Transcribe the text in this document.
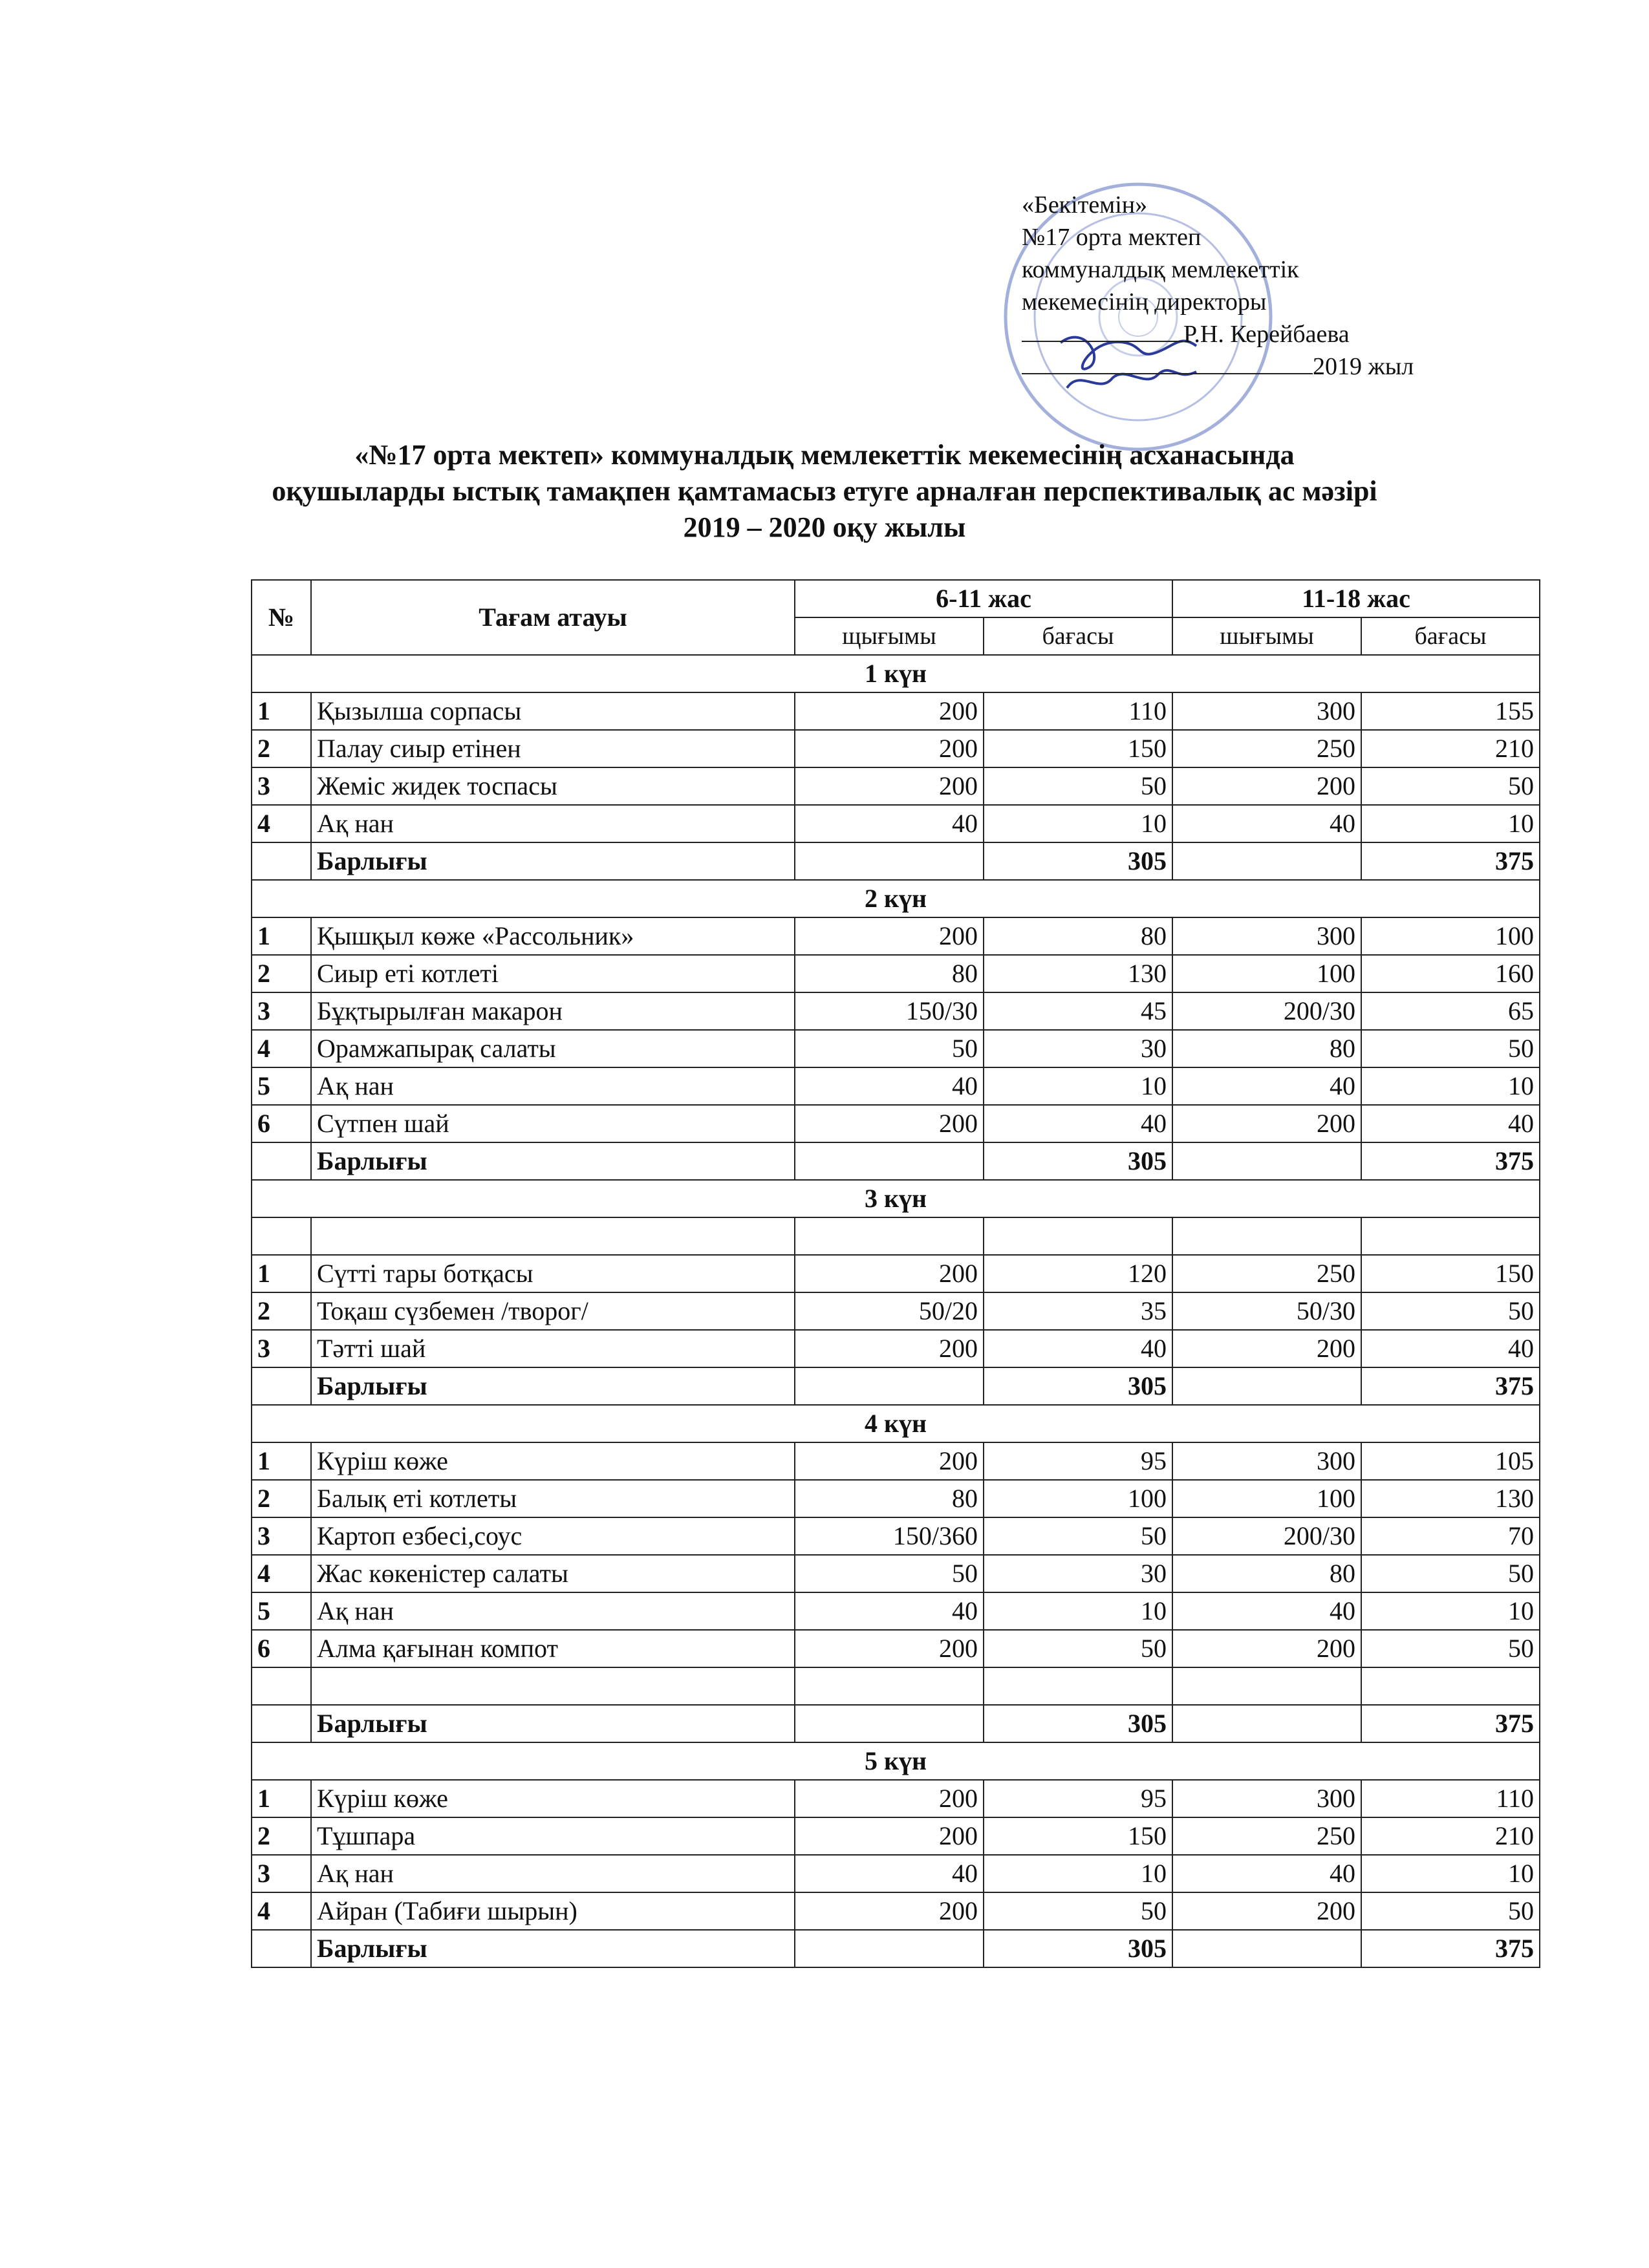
«Бекітемін»
№17 орта мектеп
коммуналдық мемлекеттік
мекемесінің директоры
Р.Н. Керейбаева
2019 жыл
«№17 орта мектеп» коммуналдық мемлекеттік мекемесінің асханасында
оқушыларды ыстық тамақпен қамтамасыз етуге арналған перспективалық ас мәзірі
2019 – 2020 оқу жылы
№	Тағам атауы	6-11 жас		11-18 жас	
		щығымы	бағасы	шығымы	бағасы
1 күн					
1	Қызылша сорпасы	200	110	300	155
2	Палау сиыр етінен	200	150	250	210
3	Жеміс жидек тоспасы	200	50	200	50
4	Ақ нан	40	10	40	10
	Барлығы		305		375
2 күн					
1	Қышқыл көже «Рассольник»	200	80	300	100
2	Сиыр еті котлеті	80	130	100	160
3	Бұқтырылған макарон	150/30	45	200/30	65
4	Орамжапырақ салаты	50	30	80	50
5	Ақ нан	40	10	40	10
6	Сүтпен шай	200	40	200	40
	Барлығы		305		375
3 күн					

1	Сүтті тары ботқасы	200	120	250	150
2	Тоқаш сүзбемен /творог/	50/20	35	50/30	50
3	Тәтті шай	200	40	200	40
	Барлығы		305		375
4 күн					
1	Күріш көже	200	95	300	105
2	Балық еті котлеты	80	100	100	130
3	Картоп езбесі,соус	150/360	50	200/30	70
4	Жас көкеністер салаты	50	30	80	50
5	Ақ нан	40	10	40	10
6	Алма қағынан компот	200	50	200	50

	Барлығы		305		375
5 күн					
1	Күріш көже	200	95	300	110
2	Тұшпара	200	150	250	210
3	Ақ нан	40	10	40	10
4	Айран (Табиғи шырын)	200	50	200	50
	Барлығы		305		375
